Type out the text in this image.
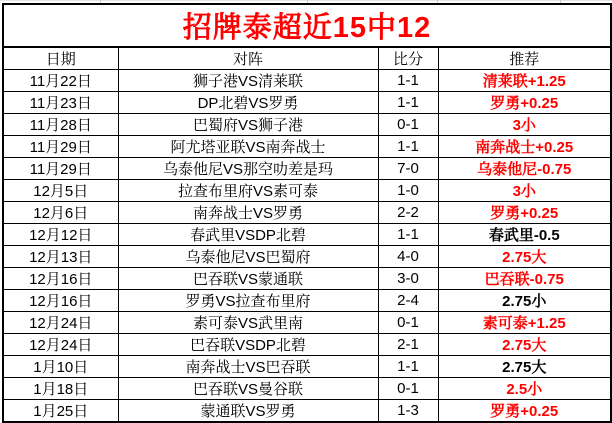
招牌泰超近15中12			
日期	对阵	比分	推荐
11月22日	狮子港VS清莱联	1-1	清莱联+1.25
11月23日	DP北碧VS罗勇	1-1	罗勇+0.25
11月28日	巴蜀府VS狮子港	0-1	3小
11月29日	阿尤塔亚联VS南奔战士	1-1	南奔战士+0.25
11月29日	乌泰他尼VS那空叻差是玛	7-0	乌泰他尼-0.75
12月5日	拉查布里府VS素可泰	1-0	3小
12月6日	南奔战士VS罗勇	2-2	罗勇+0.25
12月12日	春武里VSDP北碧	1-1	春武里-0.5
12月13日	乌泰他尼VS巴蜀府	4-0	2.75大
12月16日	巴吞联VS蒙通联	3-0	巴吞联-0.75
12月16日	罗勇VS拉查布里府	2-4	2.75小
12月24日	素可泰VS武里南	0-1	素可泰+1.25
12月24日	巴吞联VSDP北碧	2-1	2.75大
1月10日	南奔战士VS巴吞联	1-1	2.75大
1月18日	巴吞联VS曼谷联	0-1	2.5小
1月25日	蒙通联VS罗勇	1-3	罗勇+0.25
